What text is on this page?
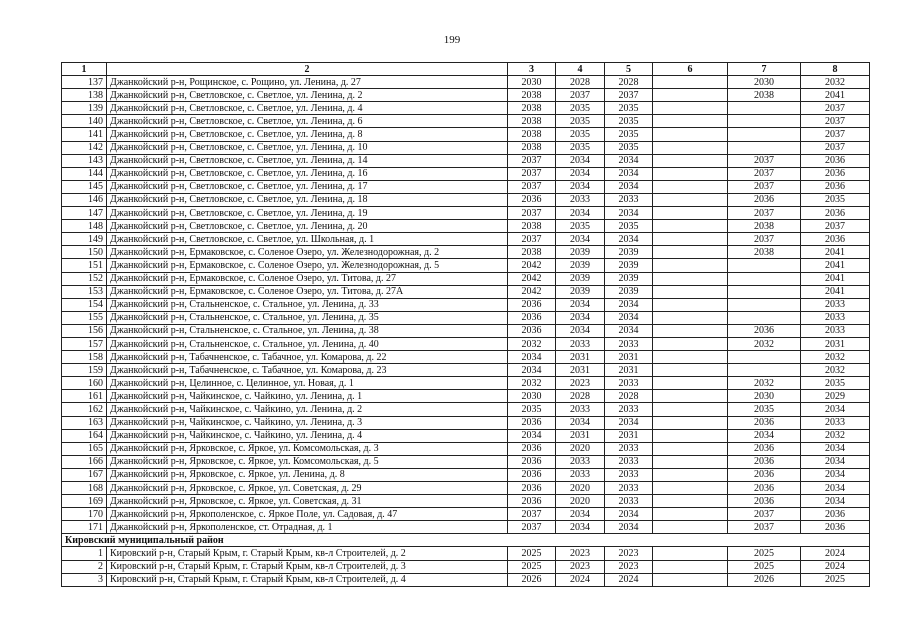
199
1	2	3	4	5	6	7	8
137	Джанкойский р-н, Рощинское, с. Рощино, ул. Ленина, д. 27	2030	2028	2028		2030	2032
138	Джанкойский р-н, Светловское, с. Светлое, ул. Ленина, д. 2	2038	2037	2037		2038	2041
139	Джанкойский р-н, Светловское, с. Светлое, ул. Ленина, д. 4	2038	2035	2035			2037
140	Джанкойский р-н, Светловское, с. Светлое, ул. Ленина, д. 6	2038	2035	2035			2037
141	Джанкойский р-н, Светловское, с. Светлое, ул. Ленина, д. 8	2038	2035	2035			2037
142	Джанкойский р-н, Светловское, с. Светлое, ул. Ленина, д. 10	2038	2035	2035			2037
143	Джанкойский р-н, Светловское, с. Светлое, ул. Ленина, д. 14	2037	2034	2034		2037	2036
144	Джанкойский р-н, Светловское, с. Светлое, ул. Ленина, д. 16	2037	2034	2034		2037	2036
145	Джанкойский р-н, Светловское, с. Светлое, ул. Ленина, д. 17	2037	2034	2034		2037	2036
146	Джанкойский р-н, Светловское, с. Светлое, ул. Ленина, д. 18	2036	2033	2033		2036	2035
147	Джанкойский р-н, Светловское, с. Светлое, ул. Ленина, д. 19	2037	2034	2034		2037	2036
148	Джанкойский р-н, Светловское, с. Светлое, ул. Ленина, д. 20	2038	2035	2035		2038	2037
149	Джанкойский р-н, Светловское, с. Светлое, ул. Школьная, д. 1	2037	2034	2034		2037	2036
150	Джанкойский р-н, Ермаковское, с. Соленое Озеро, ул. Железнодорожная, д. 2	2038	2039	2039		2038	2041
151	Джанкойский р-н, Ермаковское, с. Соленое Озеро, ул. Железнодорожная, д. 5	2042	2039	2039			2041
152	Джанкойский р-н, Ермаковское, с. Соленое Озеро, ул. Титова, д. 27	2042	2039	2039			2041
153	Джанкойский р-н, Ермаковское, с. Соленое Озеро, ул. Титова, д. 27А	2042	2039	2039			2041
154	Джанкойский р-н, Стальненское, с. Стальное, ул. Ленина, д. 33	2036	2034	2034			2033
155	Джанкойский р-н, Стальненское, с. Стальное, ул. Ленина, д. 35	2036	2034	2034			2033
156	Джанкойский р-н, Стальненское, с. Стальное, ул. Ленина, д. 38	2036	2034	2034		2036	2033
157	Джанкойский р-н, Стальненское, с. Стальное, ул. Ленина, д. 40	2032	2033	2033		2032	2031
158	Джанкойский р-н, Табачненское, с. Табачное, ул. Комарова, д. 22	2034	2031	2031			2032
159	Джанкойский р-н, Табачненское, с. Табачное, ул. Комарова, д. 23	2034	2031	2031			2032
160	Джанкойский р-н, Целинное, с. Целинное, ул. Новая, д. 1	2032	2023	2033		2032	2035
161	Джанкойский р-н, Чайкинское, с. Чайкино, ул. Ленина, д. 1	2030	2028	2028		2030	2029
162	Джанкойский р-н, Чайкинское, с. Чайкино, ул. Ленина, д. 2	2035	2033	2033		2035	2034
163	Джанкойский р-н, Чайкинское, с. Чайкино, ул. Ленина, д. 3	2036	2034	2034		2036	2033
164	Джанкойский р-н, Чайкинское, с. Чайкино, ул. Ленина, д. 4	2034	2031	2031		2034	2032
165	Джанкойский р-н, Ярковское, с. Яркое, ул. Комсомольская, д. 3	2036	2020	2033		2036	2034
166	Джанкойский р-н, Ярковское, с. Яркое, ул. Комсомольская, д. 5	2036	2033	2033		2036	2034
167	Джанкойский р-н, Ярковское, с. Яркое, ул. Ленина, д. 8	2036	2033	2033		2036	2034
168	Джанкойский р-н, Ярковское, с. Яркое, ул. Советская, д. 29	2036	2020	2033		2036	2034
169	Джанкойский р-н, Ярковское, с. Яркое, ул. Советская, д. 31	2036	2020	2033		2036	2034
170	Джанкойский р-н, Яркополенское, с. Яркое Поле, ул. Садовая, д. 47	2037	2034	2034		2037	2036
171	Джанкойский р-н, Яркополенское, ст. Отрадная, д. 1	2037	2034	2034		2037	2036
Кировский муниципальный район							
1	Кировский р-н, Старый Крым, г. Старый Крым, кв-л Строителей, д. 2	2025	2023	2023		2025	2024
2	Кировский р-н, Старый Крым, г. Старый Крым, кв-л Строителей, д. 3	2025	2023	2023		2025	2024
3	Кировский р-н, Старый Крым, г. Старый Крым, кв-л Строителей, д. 4	2026	2024	2024		2026	2025
